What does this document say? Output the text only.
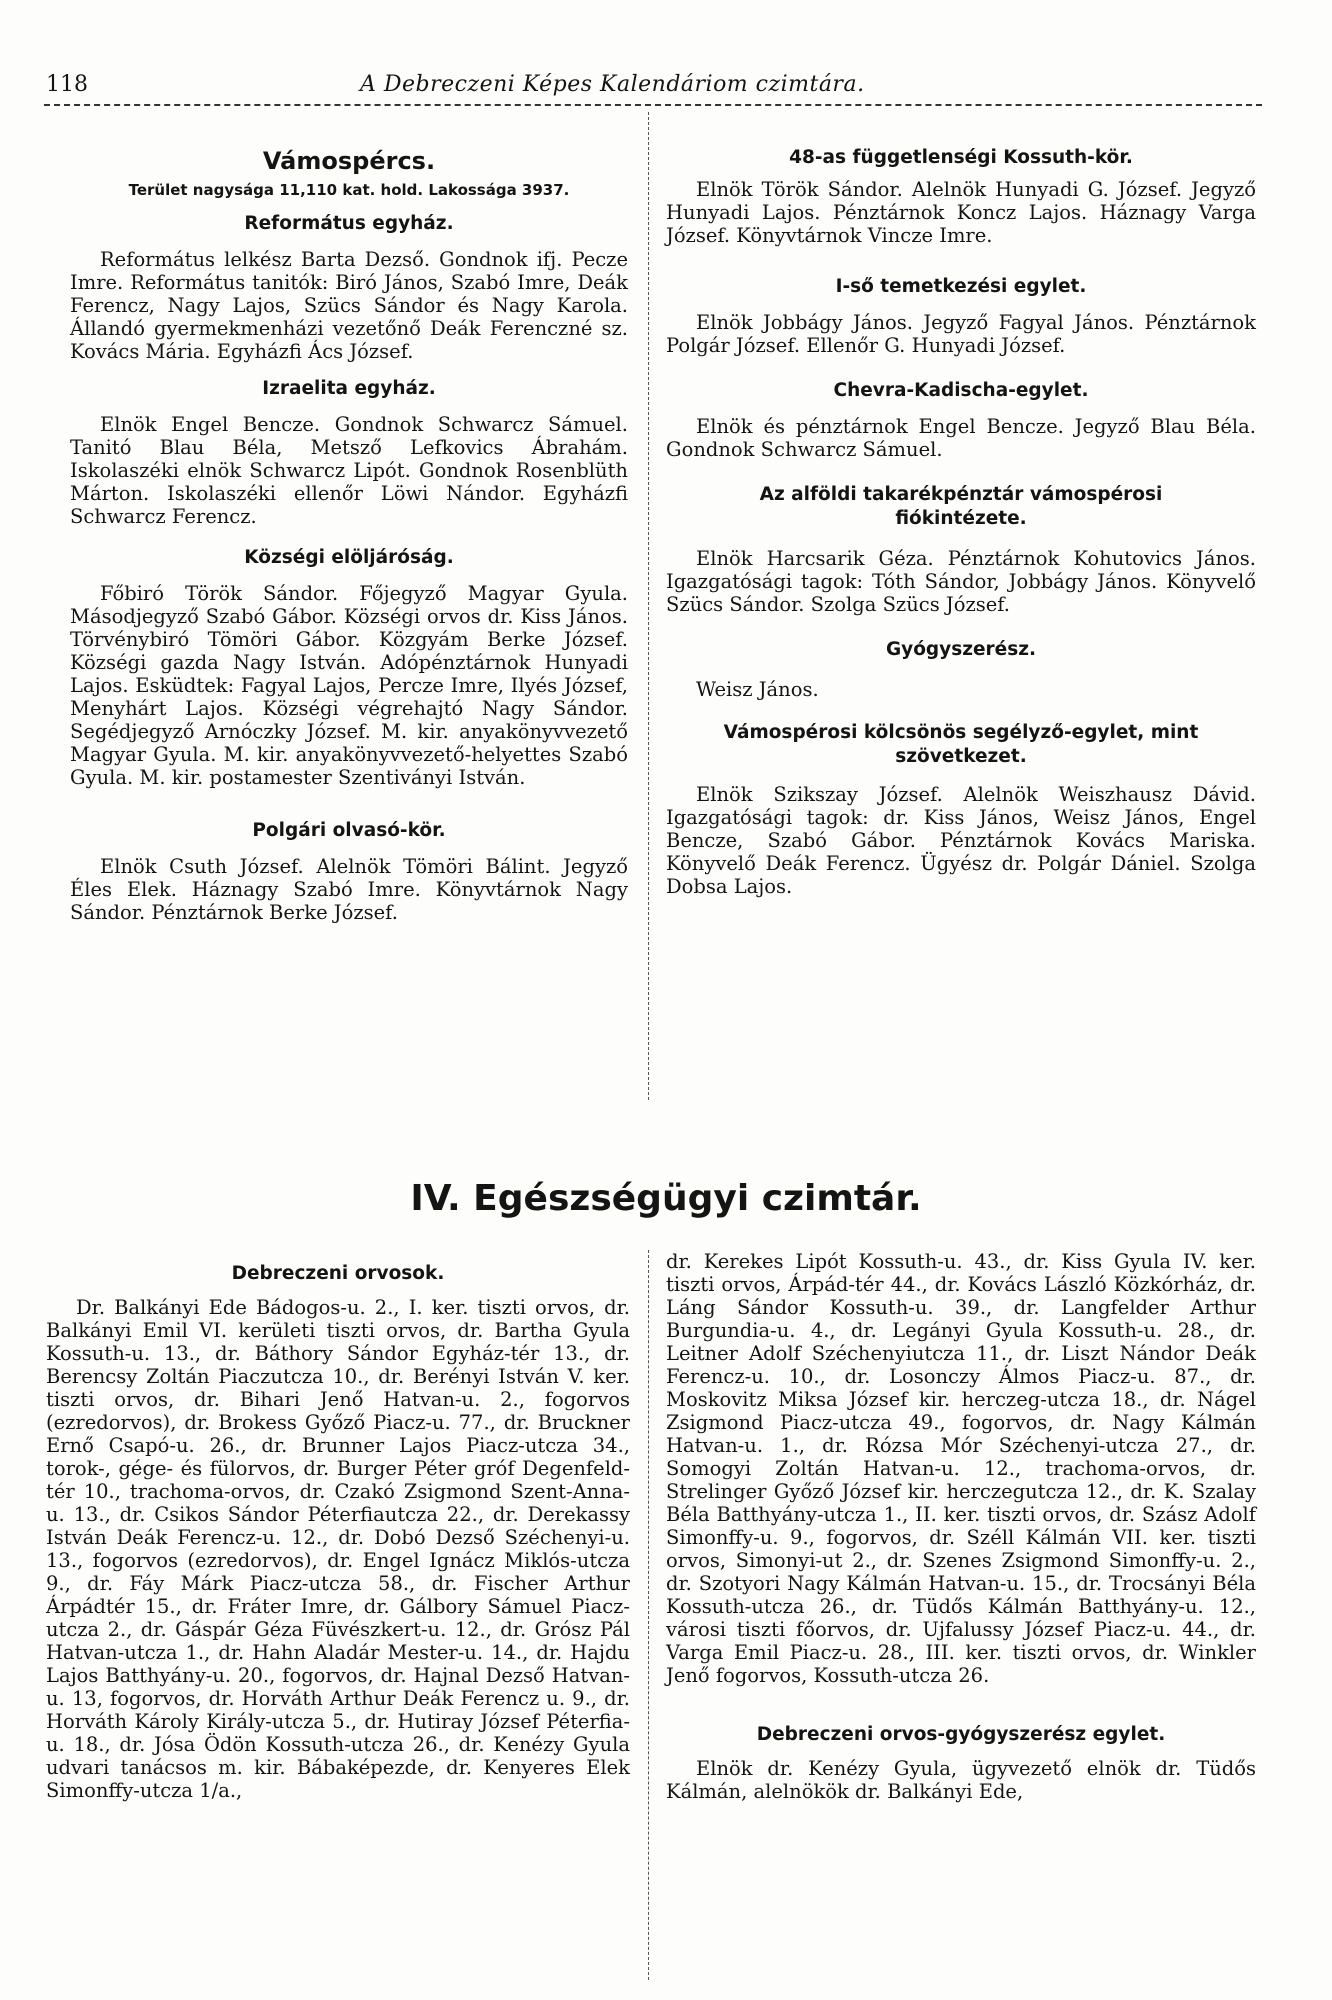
118	A Debreczeni Képes Kalendáriom czimtára.
Vámospércs.
Terület nagysága 11,110 kat. hold. Lakossága 3937.
Református egyház.

Református lelkész Barta Dezső. Gondnok ifj. Pecze Imre. Református tanitók: Biró János, Szabó Imre, Deák Ferencz, Nagy Lajos, Szücs Sándor és Nagy Karola. Állandó gyermekmenházi vezetőnő Deák Ferenczné sz. Kovács Mária. Egyházfi Ács József.

Izraelita egyház.

Elnök Engel Bencze. Gondnok Schwarcz Sámuel. Tanitó Blau Béla, Metsző Lefkovics Ábrahám. Iskolaszéki elnök Schwarcz Lipót. Gondnok Rosenblüth Márton. Iskolaszéki ellenőr Löwi Nándor. Egyházfi Schwarcz Ferencz.

Községi elöljáróság.

Főbiró Török Sándor. Főjegyző Magyar Gyula. Másodjegyző Szabó Gábor. Községi orvos dr. Kiss János. Törvénybiró Tömöri Gábor. Közgyám Berke József. Községi gazda Nagy István. Adópénztárnok Hunyadi Lajos. Esküdtek: Fagyal Lajos, Percze Imre, Ilyés József, Menyhárt Lajos. Községi végrehajtó Nagy Sándor. Segédjegyző Arnóczky József. M. kir. anyakönyvvezető Magyar Gyula. M. kir. anyakönyvvezető-helyettes Szabó Gyula. M. kir. postamester Szentiványi István.

Polgári olvasó-kör.

Elnök Csuth József. Alelnök Tömöri Bálint. Jegyző Éles Elek. Háznagy Szabó Imre. Könyvtárnok Nagy Sándor. Pénztárnok Berke József.

48-as függetlenségi Kossuth-kör.

Elnök Török Sándor. Alelnök Hunyadi G. József. Jegyző Hunyadi Lajos. Pénztárnok Koncz Lajos. Háznagy Varga József. Könyvtárnok Vincze Imre.

I-ső temetkezési egylet.

Elnök Jobbágy János. Jegyző Fagyal János. Pénztárnok Polgár József. Ellenőr G. Hunyadi József.

Chevra-Kadischa-egylet.

Elnök és pénztárnok Engel Bencze. Jegyző Blau Béla. Gondnok Schwarcz Sámuel.

Az alföldi takarékpénztár vámospérosi fiókintézete.

Elnök Harcsarik Géza. Pénztárnok Kohutovics János. Igazgatósági tagok: Tóth Sándor, Jobbágy János. Könyvelő Szücs Sándor. Szolga Szücs József.

Gyógyszerész.

Weisz János.

Vámospérosi kölcsönös segélyző-egylet, mint szövetkezet.

Elnök Szikszay József. Alelnök Weiszhausz Dávid. Igazgatósági tagok: dr. Kiss János, Weisz János, Engel Bencze, Szabó Gábor. Pénztárnok Kovács Mariska. Könyvelő Deák Ferencz. Ügyész dr. Polgár Dániel. Szolga Dobsa Lajos.

IV. Egészségügyi czimtár.
Debreczeni orvosok.

Dr. Balkányi Ede Bádogos-u. 2., I. ker. tiszti orvos, dr. Balkányi Emil VI. kerületi tiszti orvos, dr. Bartha Gyula Kossuth-u. 13., dr. Báthory Sándor Egyház-tér 13., dr. Berencsy Zoltán Piaczutcza 10., dr. Berényi István V. ker. tiszti orvos, dr. Bihari Jenő Hatvan-u. 2., fogorvos (ezredorvos), dr. Brokess Győző Piacz-u. 77., dr. Bruckner Ernő Csapó-u. 26., dr. Brunner Lajos Piacz-utcza 34., torok-, gége- és fülorvos, dr. Burger Péter gróf Degenfeld-tér 10., trachoma-orvos, dr. Czakó Zsigmond Szent-Anna-u. 13., dr. Csikos Sándor Péterfiautcza 22., dr. Derekassy István Deák Ferencz-u. 12., dr. Dobó Dezső Széchenyi-u. 13., fogorvos (ezredorvos), dr. Engel Ignácz Miklós-utcza 9., dr. Fáy Márk Piacz-utcza 58., dr. Fischer Arthur Árpádtér 15., dr. Fráter Imre, dr. Gálbory Sámuel Piacz-utcza 2., dr. Gáspár Géza Füvészkert-u. 12., dr. Grósz Pál Hatvan-utcza 1., dr. Hahn Aladár Mester-u. 14., dr. Hajdu Lajos Batthyány-u. 20., fogorvos, dr. Hajnal Dezső Hatvan-u. 13, fogorvos, dr. Horváth Arthur Deák Ferencz u. 9., dr. Horváth Károly Király-utcza 5., dr. Hutiray József Péterfia-u. 18., dr. Jósa Ödön Kossuth-utcza 26., dr. Kenézy Gyula udvari tanácsos m. kir. Bábaképezde, dr. Kenyeres Elek Simonffy-utcza 1/a.,

dr. Kerekes Lipót Kossuth-u. 43., dr. Kiss Gyula IV. ker. tiszti orvos, Árpád-tér 44., dr. Kovács László Közkórház, dr. Láng Sándor Kossuth-u. 39., dr. Langfelder Arthur Burgundia-u. 4., dr. Legányi Gyula Kossuth-u. 28., dr. Leitner Adolf Széchenyiutcza 11., dr. Liszt Nándor Deák Ferencz-u. 10., dr. Losonczy Álmos Piacz-u. 87., dr. Moskovitz Miksa József kir. herczeg-utcza 18., dr. Nágel Zsigmond Piacz-utcza 49., fogorvos, dr. Nagy Kálmán Hatvan-u. 1., dr. Rózsa Mór Széchenyi-utcza 27., dr. Somogyi Zoltán Hatvan-u. 12., trachoma-orvos, dr. Strelinger Győző József kir. herczegutcza 12., dr. K. Szalay Béla Batthyány-utcza 1., II. ker. tiszti orvos, dr. Szász Adolf Simonffy-u. 9., fogorvos, dr. Széll Kálmán VII. ker. tiszti orvos, Simonyi-ut 2., dr. Szenes Zsigmond Simonffy-u. 2., dr. Szotyori Nagy Kálmán Hatvan-u. 15., dr. Trocsányi Béla Kossuth-utcza 26., dr. Tüdős Kálmán Batthyány-u. 12., városi tiszti főorvos, dr. Ujfalussy József Piacz-u. 44., dr. Varga Emil Piacz-u. 28., III. ker. tiszti orvos, dr. Winkler Jenő fogorvos, Kossuth-utcza 26.

Debreczeni orvos-gyógyszerész egylet.

Elnök dr. Kenézy Gyula, ügyvezető elnök dr. Tüdős Kálmán, alelnökök dr. Balkányi Ede,
